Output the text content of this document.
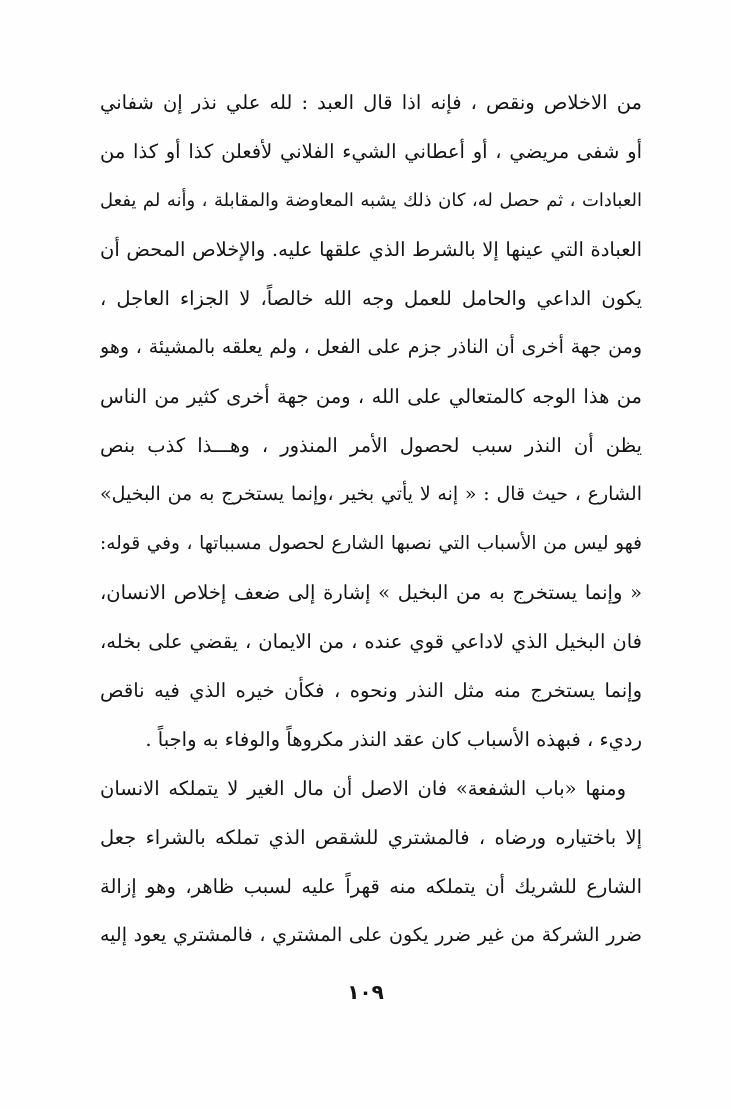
من الاخلاص ونقص ، فإنه اذا قال العبد : لله علي نذر إن شفاني
أو شفى مريضي ، أو أعطاني الشيء الفلاني لأفعلن كذا أو كذا من
العبادات ، ثم حصل له، كان ذلك يشبه المعاوضة والمقابلة ، وأنه لم يفعل
العبادة التي عينها إلا بالشرط الذي علقها عليه. والإخلاص المحض أن
يكون الداعي والحامل للعمل وجه الله خالصاً، لا الجزاء العاجل ،
ومن جهة أخرى أن الناذر جزم على الفعل ، ولم يعلقه بالمشيئة ، وهو
من هذا الوجه كالمتعالي على الله ، ومن جهة أخرى كثير من الناس
يظن أن النذر سبب لحصول الأمر المنذور ، وهـــذا كذب بنص
الشارع ، حيث قال : « إنه لا يأتي بخير ،وإنما يستخرج به من البخيل»
فهو ليس من الأسباب التي نصبها الشارع لحصول مسبباتها ، وفي قوله:
« وإنما يستخرج به من البخيل » إشارة إلى ضعف إخلاص الانسان،
فان البخيل الذي لاداعي قوي عنده ، من الايمان ، يقضي على بخله،
وإنما يستخرج منه مثل النذر ونحوه ، فكأن خيره الذي فيه ناقص
رديء ، فبهذه الأسباب كان عقد النذر مكروهاً والوفاء به واجباً .
ومنها «باب الشفعة» فان الاصل أن مال الغير لا يتملكه الانسان
إلا باختياره ورضاه ، فالمشتري للشقص الذي تملكه بالشراء جعل
الشارع للشريك أن يتملكه منه قهراً عليه لسبب ظاهر، وهو إزالة
ضرر الشركة من غير ضرر يكون على المشتري ، فالمشتري يعود إليه
١٠٩
